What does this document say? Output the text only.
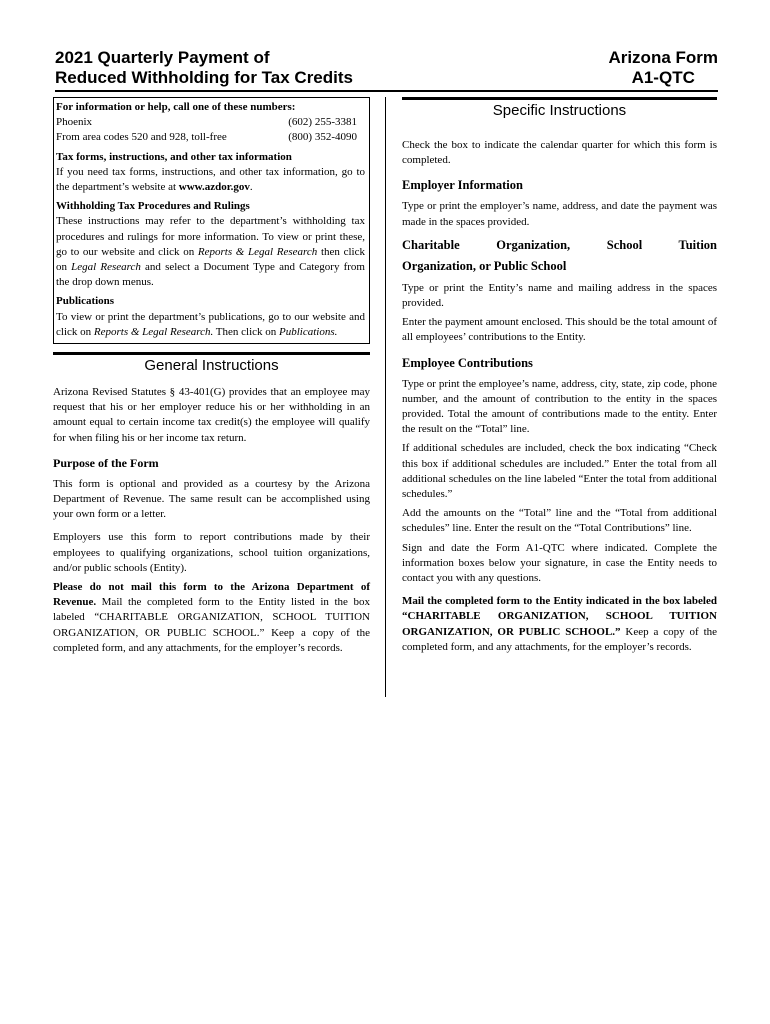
2021 Quarterly Payment of
Reduced Withholding for Tax Credits
Arizona Form
A1-QTC

For information or help, call one of these numbers:

Phoenix	(602) 255-3381
From area codes 520 and 928, toll-free	(800) 352-4090

Tax forms, instructions, and other tax information

If you need tax forms, instructions, and other tax information, go to the department’s website at www.azdor.gov.

Withholding Tax Procedures and Rulings

These instructions may refer to the department’s withholding tax procedures and rulings for more information. To view or print these, go to our website and click on Reports & Legal Research then click on Legal Research and select a Document Type and Category from the drop down menus.

Publications

To view or print the department’s publications, go to our website and click on Reports & Legal Research. Then click on Publications.

General Instructions

Arizona Revised Statutes § 43-401(G) provides that an employee may request that his or her employer reduce his or her withholding in an amount equal to certain income tax credit(s) the employee will qualify for when filing his or her income tax return.

Purpose of the Form

This form is optional and provided as a courtesy by the Arizona Department of Revenue. The same result can be accomplished using your own form or a letter.

Employers use this form to report contributions made by their employees to qualifying organizations, school tuition organizations, and/or public schools (Entity).

Please do not mail this form to the Arizona Department of Revenue. Mail the completed form to the Entity listed in the box labeled “CHARITABLE ORGANIZATION, SCHOOL TUITION ORGANIZATION, OR PUBLIC SCHOOL.” Keep a copy of the completed form, and any attachments, for the employer’s records.

Specific Instructions

Check the box to indicate the calendar quarter for which this form is completed.

Employer Information

Type or print the employer’s name, address, and date the payment was made in the spaces provided.

Charitable Organization, School Tuition

Organization, or Public School

Type or print the Entity’s name and mailing address in the spaces provided.

Enter the payment amount enclosed. This should be the total amount of all employees’ contributions to the Entity.

Employee Contributions

Type or print the employee’s name, address, city, state, zip code, phone number, and the amount of contribution to the entity in the spaces provided. Total the amount of contributions made to the entity. Enter the result on the “Total” line.

If additional schedules are included, check the box indicating “Check this box if additional schedules are included.” Enter the total from all additional schedules on the line labeled “Enter the total from additional schedules.”

Add the amounts on the “Total” line and the “Total from additional schedules” line. Enter the result on the “Total Contributions” line.

Sign and date the Form A1-QTC where indicated. Complete the information boxes below your signature, in case the Entity needs to contact you with any questions.

Mail the completed form to the Entity indicated in the box labeled “CHARITABLE ORGANIZATION, SCHOOL TUITION ORGANIZATION, OR PUBLIC SCHOOL.” Keep a copy of the completed form, and any attachments, for the employer’s records.
